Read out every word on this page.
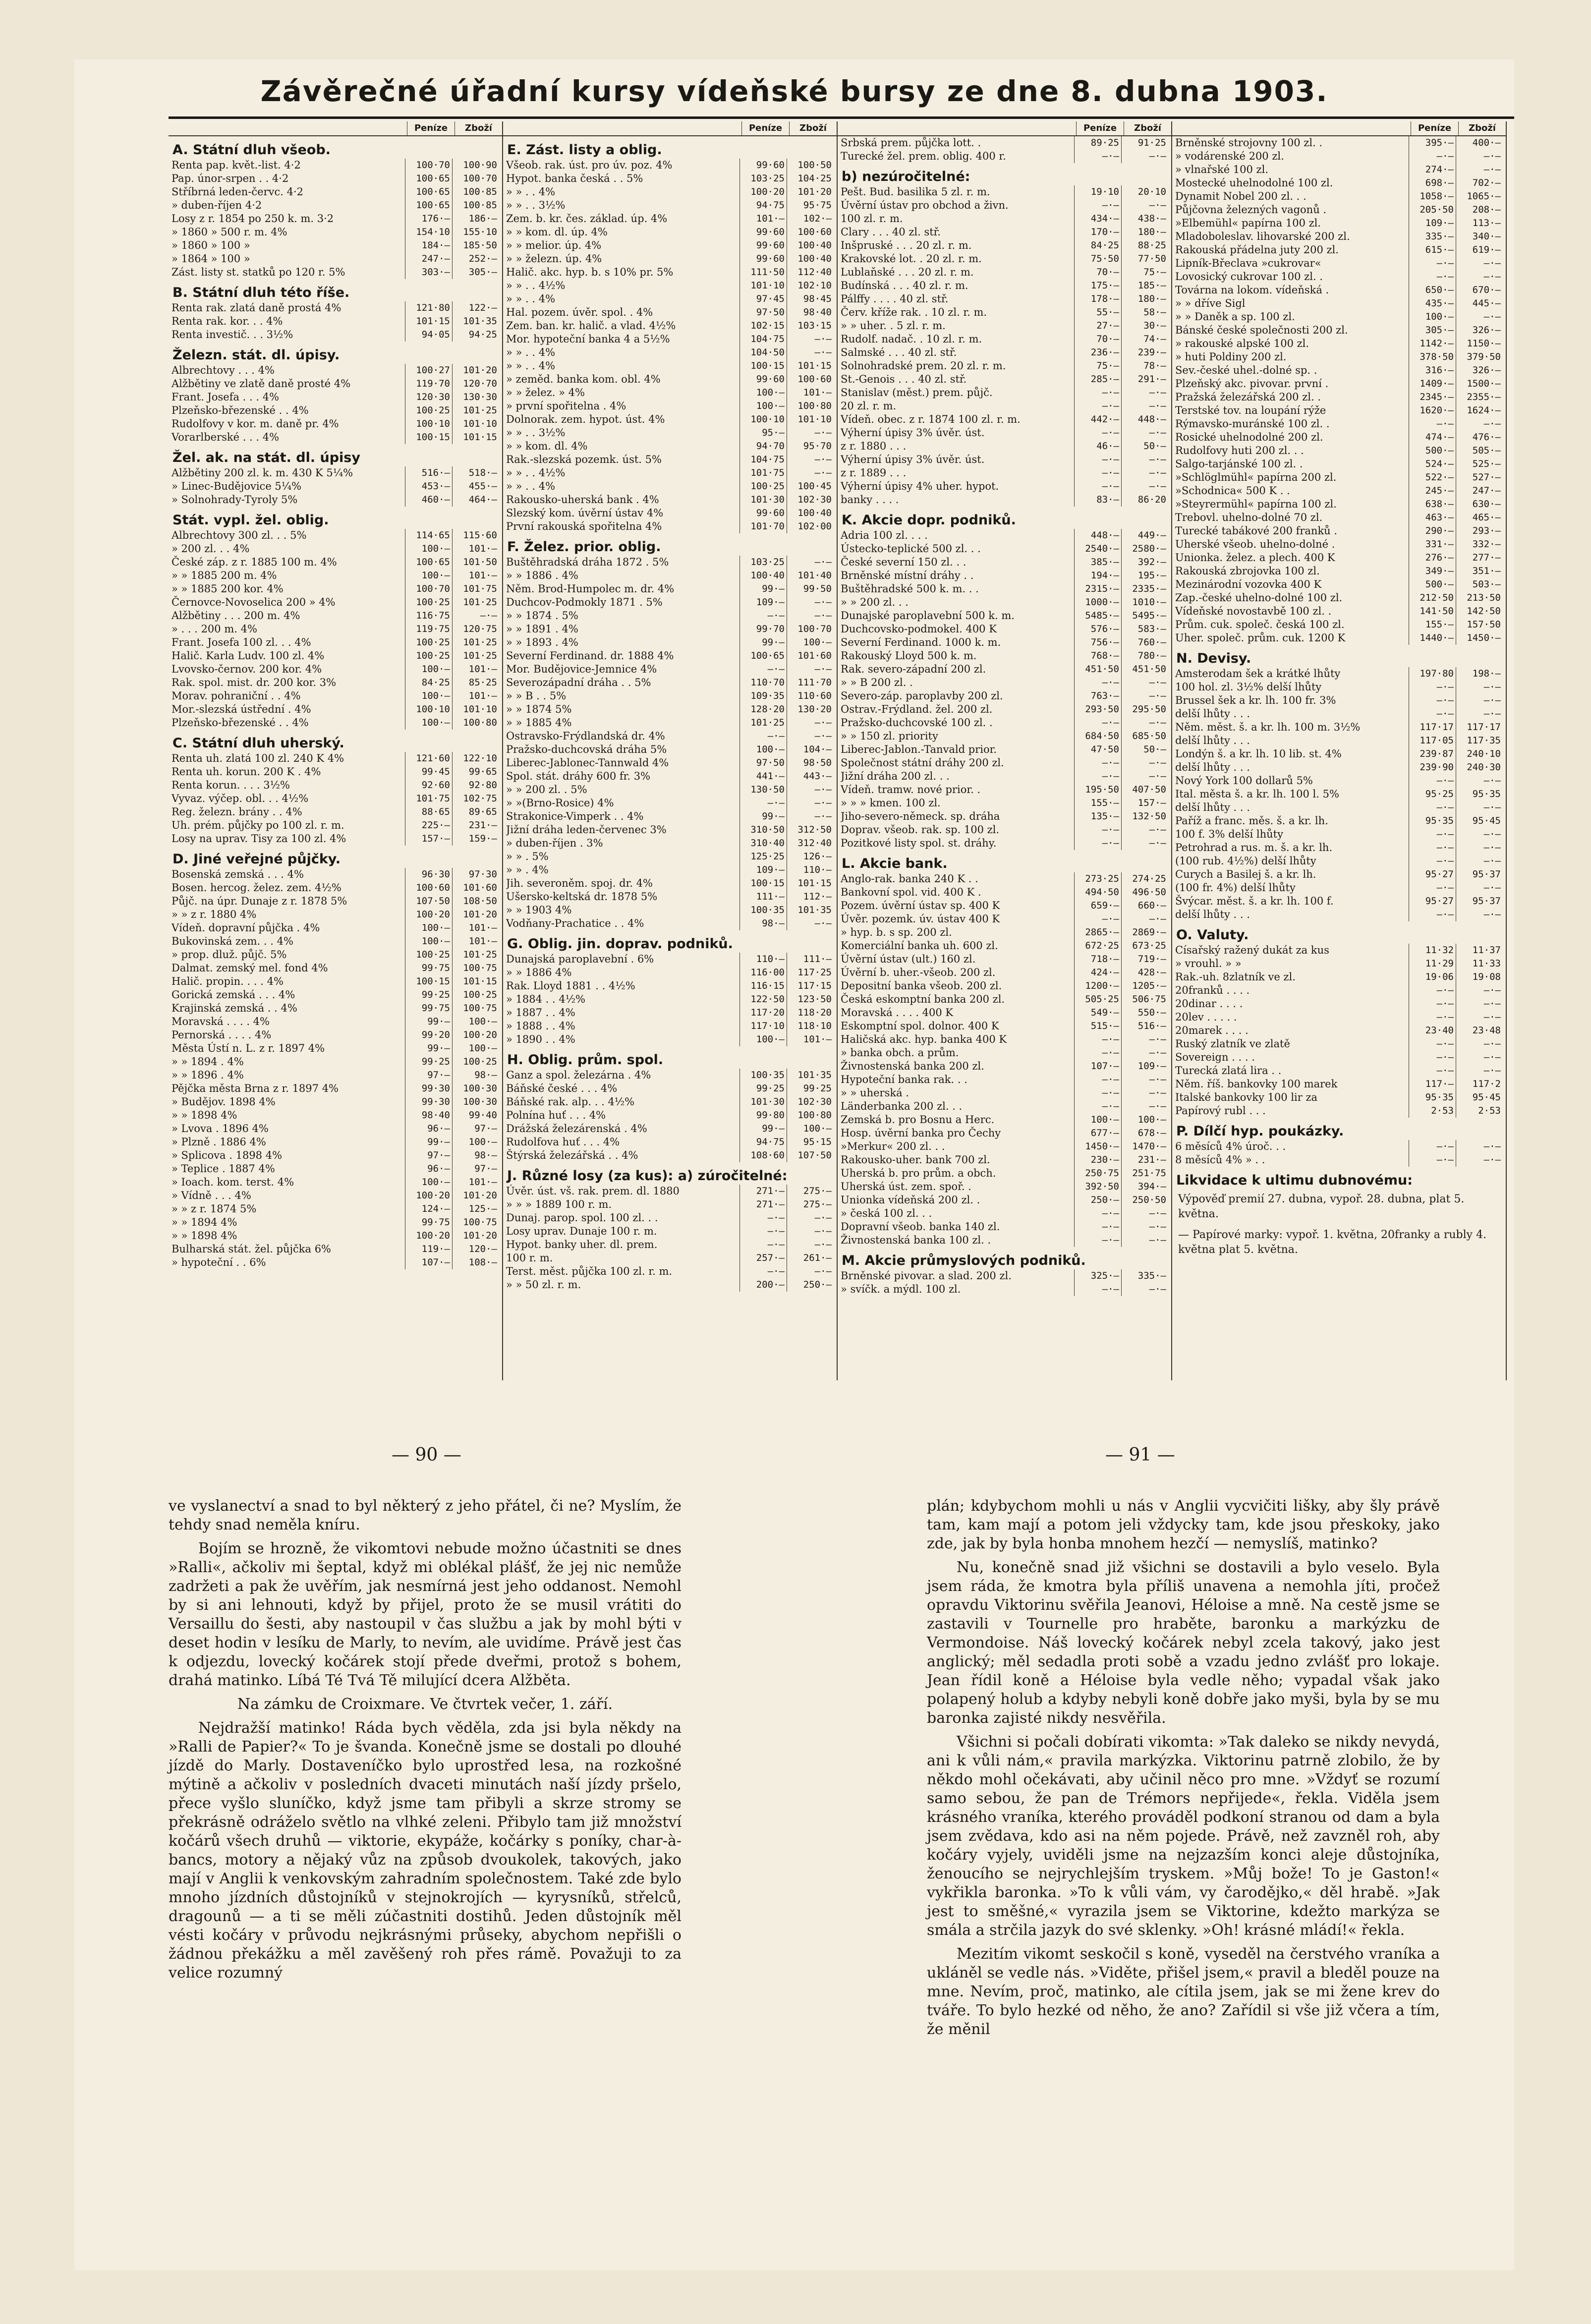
Závěrečné úřadní kursy vídeňské bursy ze dne 8. dubna 1903.
Peníze	Zboží
A. Státní dluh všeob.
Renta pap. květ.-list. 4·2	100·70	100·90
Pap. únor-srpen . . 4·2	100·65	100·70
Stříbrná leden-červc. 4·2	100·65	100·85
» duben-říjen 4·2	100·65	100·85
Losy z r. 1854 po 250 k. m. 3·2	176·—	186·—
» 1860 » 500 r. m. 4%	154·10	155·10
» 1860 » 100 »	184·—	185·50
» 1864 » 100 »	247·—	252·—
Zást. listy st. statků po 120 r. 5%	303·—	305·—
B. Státní dluh této říše.
Renta rak. zlatá daně prostá 4%	121·80	122·—
Renta rak. kor. . . 4%	101·15	101·35
Renta investič. . . 3½%	94·05	94·25
Železn. stát. dl. úpisy.
Albrechtovy . . . 4%	100·27	101·20
Alžbětiny ve zlatě daně prosté 4%	119·70	120·70
Frant. Josefa . . . 4%	120·30	130·30
Plzeňsko-březenské . . 4%	100·25	101·25
Rudolfovy v kor. m. daně pr. 4%	100·10	101·10
Vorarlberské . . . 4%	100·15	101·15
Žel. ak. na stát. dl. úpisy
Alžbětiny 200 zl. k. m. 430 K 5¼%	516·—	518·—
» Linec-Budějovice 5¼%	453·—	455·—
» Solnohrady-Tyroly 5%	460·—	464·—
Stát. vypl. žel. oblig.
Albrechtovy 300 zl. . . 5%	114·65	115·60
» 200 zl. . . 4%	100·—	101·—
České záp. z r. 1885 100 m. 4%	100·65	101·50
» » 1885 200 m. 4%	100·—	101·—
» » 1885 200 kor. 4%	100·70	101·75
Černovce-Novoselica 200 » 4%	100·25	101·25
Alžbětiny . . . 200 m. 4%	116·75	—·—
» . . . 200 m. 4%	119·75	120·75
Frant. Josefa 100 zl. . . 4%	100·25	101·25
Halič. Karla Ludv. 100 zl. 4%	100·25	101·25
Lvovsko-černov. 200 kor. 4%	100·—	101·—
Rak. spol. mist. dr. 200 kor. 3%	84·25	85·25
Morav. pohraniční . . 4%	100·—	101·—
Mor.-slezská ústřední . 4%	100·10	101·10
Plzeňsko-březenské . . 4%	100·—	100·80
C. Státní dluh uherský.
Renta uh. zlatá 100 zl. 240 K 4%	121·60	122·10
Renta uh. korun. 200 K . 4%	99·45	99·65
Renta korun. . . . 3½%	92·60	92·80
Vyvaz. výčep. obl. . . 4½%	101·75	102·75
Reg. železn. brány . . 4%	88·65	89·65
Uh. prém. půjčky po 100 zl. r. m.	225·—	231·—
Losy na uprav. Tisy za 100 zl. 4%	157·—	159·—
D. Jiné veřejné půjčky.
Bosenská zemská . . . 4%	96·30	97·30
Bosen. hercog. želez. zem. 4½%	100·60	101·60
Půjč. na úpr. Dunaje z r. 1878 5%	107·50	108·50
» » z r. 1880 4%	100·20	101·20
Vídeň. dopravní půjčka . 4%	100·—	101·—
Bukovinská zem. . . 4%	100·—	101·—
» prop. dluž. půjč. 5%	100·25	101·25
Dalmat. zemský mel. fond 4%	99·75	100·75
Halič. propin. . . . 4%	100·15	101·15
Gorická zemská . . . 4%	99·25	100·25
Krajinská zemská . . 4%	99·75	100·75
Moravská . . . . 4%	99·—	100·—
Pernorská . . . . 4%	99·20	100·20
Města Ústí n. L. z r. 1897 4%	99·—	100·—
» » 1894 . 4%	99·25	100·25
» » 1896 . 4%	97·—	98·—
Pějčka města Brna z r. 1897 4%	99·30	100·30
» Budějov. 1898 4%	99·30	100·30
» » 1898 4%	98·40	99·40
» Lvova . 1896 4%	96·—	97·—
» Plzně . 1886 4%	99·—	100·—
» Splicova . 1898 4%	97·—	98·—
» Teplice . 1887 4%	96·—	97·—
» Ioach. kom. terst. 4%	100·—	101·—
» Vídně . . . 4%	100·20	101·20
» » z r. 1874 5%	124·—	125·—
» » 1894 4%	99·75	100·75
» » 1898 4%	100·20	101·20
Bulharská stát. žel. půjčka 6%	119·—	120·—
» hypoteční . . 6%	107·—	108·—
Peníze	Zboží
E. Zást. listy a oblig.
Všeob. rak. úst. pro úv. poz. 4%	99·60	100·50
Hypot. banka česká . . 5%	103·25	104·25
» » . . 4%	100·20	101·20
» » . . 3½%	94·75	95·75
Zem. b. kr. čes. základ. úp. 4%	101·—	102·—
» » kom. dl. úp. 4%	99·60	100·60
» » melior. úp. 4%	99·60	100·40
» » železn. úp. 4%	99·60	100·40
Halič. akc. hyp. b. s 10% pr. 5%	111·50	112·40
» » . . 4½%	101·10	102·10
» » . . 4%	97·45	98·45
Hal. pozem. úvěr. spol. . 4%	97·50	98·40
Zem. ban. kr. halič. a vlad. 4½%	102·15	103·15
Mor. hypoteční banka 4 a 5½%	104·75	—·—
» » . . 4%	104·50	—·—
» » . . 4%	100·15	101·15
» zeměd. banka kom. obl. 4%	99·60	100·60
» » želez. » 4%	100·—	101·—
» první spořitelna . 4%	100·—	100·80
Dolnorak. zem. hypot. úst. 4%	100·10	101·10
» » . . 3½%	95·—	—·—
» » kom. dl. 4%	94·70	95·70
Rak.-slezská pozemk. úst. 5%	104·75	—·—
» » . . 4½%	101·75	—·—
» » . . 4%	100·25	100·45
Rakousko-uherská bank . 4%	101·30	102·30
Slezský kom. úvěrní ústav 4%	99·60	100·40
První rakouská spořitelna 4%	101·70	102·00
F. Želez. prior. oblig.
Buštěhradská dráha 1872 . 5%	103·25	—·—
» » 1886 . 4%	100·40	101·40
Něm. Brod-Humpolec m. dr. 4%	99·—	99·50
Duchcov-Podmokly 1871 . 5%	109·—	—·—
» » 1874 . 5%	—·—	—·—
» » 1891 . 4%	99·70	100·70
» » 1893 . 4%	99·—	100·—
Severní Ferdinand. dr. 1888 4%	100·65	101·60
Mor. Budějovice-Jemnice 4%	—·—	—·—
Severozápadní dráha . . 5%	110·70	111·70
» » B . . 5%	109·35	110·60
» » 1874 5%	128·20	130·20
» » 1885 4%	101·25	—·—
Ostravsko-Frýdlandská dr. 4%	—·—	—·—
Pražsko-duchcovská dráha 5%	100·—	104·—
Liberec-Jablonec-Tannwald 4%	97·50	98·50
Spol. stát. dráhy 600 fr. 3%	441·—	443·—
» » 200 zl. . 5%	130·50	—·—
» »(Brno-Rosice) 4%	—·—	—·—
Strakonice-Vimperk . . 4%	99·—	—·—
Jižní dráha leden-červenec 3%	310·50	312·50
» duben-říjen . 3%	310·40	312·40
» » . 5%	125·25	126·—
» » . 4%	109·—	110·—
Jih. severoněm. spoj. dr. 4%	100·15	101·15
Ušersko-keltská dr. 1878 5%	111·—	112·—
» » 1903 4%	100·35	101·35
Vodňany-Prachatice . . 4%	98·—	—·—
G. Oblig. jin. doprav. podniků.
Dunajská paroplavební . 6%	110·—	111·—
» » 1886 4%	116·00	117·25
Rak. Lloyd 1881 . . 4½%	116·15	117·15
» 1884 . . 4½%	122·50	123·50
» 1887 . . 4%	117·20	118·20
» 1888 . . 4%	117·10	118·10
» 1890 . . 4%	100·—	101·—
H. Oblig. prům. spol.
Ganz a spol. železárna . 4%	100·35	101·35
Báňské české . . . 4%	99·25	99·25
Báňské rak. alp. . . 4½%	101·30	102·30
Polnína huť . . . 4%	99·80	100·80
Drážská železárenská . 4%	99·—	100·—
Rudolfova huť . . . 4%	94·75	95·15
Štýrská železářská . . 4%	108·60	107·50
J. Různé losy (za kus): a) zúročitelné:
Úvěr. úst. vš. rak. prem. dl. 1880	271·—	275·—
» » » 1889 100 r. m.	271·—	275·—
Dunaj. parop. spol. 100 zl. . .	—·—	—·—
Losy uprav. Dunaje 100 r. m.	—·—	—·—
Hypot. banky uher. dl. prem.	—·—	—·—
100 r. m.	257·—	261·—
Terst. měst. půjčka 100 zl. r. m.	—·—	—·—
» » 50 zl. r. m.	200·—	250·—
Peníze	Zboží
Srbská prem. půjčka lott. .	89·25	91·25
Turecké žel. prem. oblig. 400 r.	—·—	—·—
b) nezúročitelné:
Pešt. Bud. basilika 5 zl. r. m.	19·10	20·10
Úvěrní ústav pro obchod a živn.	—·—	—·—
100 zl. r. m.	434·—	438·—
Clary . . . 40 zl. stř.	170·—	180·—
Inšpruské . . . 20 zl. r. m.	84·25	88·25
Krakovské lot. . 20 zl. r. m.	75·50	77·50
Lublaňské . . . 20 zl. r. m.	70·—	75·—
Budínská . . . 40 zl. r. m.	175·—	185·—
Pálffy . . . . 40 zl. stř.	178·—	180·—
Červ. kříže rak. . 10 zl. r. m.	55·—	58·—
» » uher. . 5 zl. r. m.	27·—	30·—
Rudolf. nadač. . 10 zl. r. m.	70·—	74·—
Salmské . . . 40 zl. stř.	236·—	239·—
Solnohradské prem. 20 zl. r. m.	75·—	78·—
St.-Genois . . . 40 zl. stř.	285·—	291·—
Stanislav (měst.) prem. půjč.	—·—	—·—
20 zl. r. m.	—·—	—·—
Vídeň. obec. z r. 1874 100 zl. r. m.	442·—	448·—
Výherní úpisy 3% úvěr. úst.	—·—	—·—
z r. 1880 . . .	46·—	50·—
Výherní úpisy 3% úvěr. úst.	—·—	—·—
z r. 1889 . . .	—·—	—·—
Výherní úpisy 4% uher. hypot.	—·—	—·—
banky . . . .	83·—	86·20
K. Akcie dopr. podniků.
Adria 100 zl. . . .	448·—	449·—
Ústecko-teplické 500 zl. . .	2540·—	2580·—
České severní 150 zl. . .	385·—	392·—
Brněnské místní dráhy . .	194·—	195·—
Buštěhradské 500 k. m. . .	2315·—	2335·—
» » 200 zl. . .	1000·—	1010·—
Dunajské paroplavební 500 k. m.	5485·—	5495·—
Duchcovsko-podmokel. 400 K	576·—	583·—
Severní Ferdinand. 1000 k. m.	756·—	760·—
Rakouský Lloyd 500 k. m.	768·—	780·—
Rak. severo-západní 200 zl.	451·50	451·50
» » B 200 zl. .	—·—	—·—
Severo-záp. paroplavby 200 zl.	763·—	—·—
Ostrav.-Frýdland. žel. 200 zl.	293·50	295·50
Pražsko-duchcovské 100 zl. .	—·—	—·—
» » 150 zl. priority	684·50	685·50
Liberec-Jablon.-Tanvald prior.	47·50	50·—
Společnost státní dráhy 200 zl.	—·—	—·—
Jižní dráha 200 zl. . .	—·—	—·—
Vídeň. tramw. nové prior. .	195·50	407·50
» » » kmen. 100 zl.	155·—	157·—
Jiho-severo-německ. sp. dráha	135·—	132·50
Doprav. všeob. rak. sp. 100 zl.	—·—	—·—
Pozitkové listy spol. st. dráhy.	—·—	—·—
L. Akcie bank.
Anglo-rak. banka 240 K . .	273·25	274·25
Bankovní spol. vid. 400 K .	494·50	496·50
Pozem. úvěrní ústav sp. 400 K	659·—	660·—
Úvěr. pozemk. úv. ústav 400 K	—·—	—·—
» hyp. b. s sp. 200 zl.	2865·—	2869·—
Komerciální banka uh. 600 zl.	672·25	673·25
Úvěrní ústav (ult.) 160 zl.	718·—	719·—
Úvěrní b. uher.-všeob. 200 zl.	424·—	428·—
Depositní banka všeob. 200 zl.	1200·—	1205·—
Česká eskomptní banka 200 zl.	505·25	506·75
Moravská . . . . 400 K	549·—	550·—
Eskomptní spol. dolnor. 400 K	515·—	516·—
Haličská akc. hyp. banka 400 K	—·—	—·—
» banka obch. a prům.	—·—	—·—
Živnostenská banka 200 zl.	107·—	109·—
Hypoteční banka rak. . .	—·—	—·—
» » uherská .	—·—	—·—
Länderbanka 200 zl. . .	—·—	—·—
Zemská b. pro Bosnu a Herc.	100·—	100·—
Hosp. úvěrní banka pro Čechy	677·—	678·—
»Merkur« 200 zl. . .	1450·—	1470·—
Rakousko-uher. bank 700 zl.	230·—	231·—
Uherská b. pro prům. a obch.	250·75	251·75
Uherská úst. zem. spoř. .	392·50	394·—
Unionka vídeňská 200 zl. .	250·—	250·50
» česká 100 zl. . .	—·—	—·—
Dopravní všeob. banka 140 zl.	—·—	—·—
Živnostenská banka 100 zl. .	—·—	—·—
M. Akcie průmyslových podniků.
Brněnské pivovar. a slad. 200 zl.	325·—	335·—
» svíčk. a mýdl. 100 zl.	—·—	—·—
Peníze	Zboží
Brněnské strojovny 100 zl. .	395·—	400·—
» vodárenské 200 zl.	—·—	—·—
» vlnařské 100 zl.	274·—	—·—
Mostecké uhelnodolné 100 zl.	698·—	702·—
Dynamit Nobel 200 zl. . .	1058·—	1065·—
Půjčovna železných vagonů .	205·50	208·—
»Elbemühl« papírna 100 zl.	109·—	113·—
Mladoboleslav. lihovarské 200 zl.	335·—	340·—
Rakouská přádelna juty 200 zl.	615·—	619·—
Lipník-Břeclava »cukrovar«	—·—	—·—
Lovosický cukrovar 100 zl. .	—·—	—·—
Továrna na lokom. vídeňská .	650·—	670·—
» » dříve Sigl	435·—	445·—
» » Daněk a sp. 100 zl.	100·—	—·—
Bánské české společnosti 200 zl.	305·—	326·—
» rakouské alpské 100 zl.	1142·—	1150·—
» huti Poldiny 200 zl.	378·50	379·50
Sev.-české uhel.-dolné sp. .	316·—	326·—
Plzeňský akc. pivovar. první .	1409·—	1500·—
Pražská železářská 200 zl. .	2345·—	2355·—
Terstské tov. na loupání rýže	1620·—	1624·—
Rýmavsko-muránské 100 zl. .	—·—	—·—
Rosické uhelnodolné 200 zl.	474·—	476·—
Rudolfovy huti 200 zl. . .	500·—	505·—
Salgo-tarjánské 100 zl. .	524·—	525·—
»Schlöglmühl« papírna 200 zl.	522·—	527·—
»Schodnica« 500 K . .	245·—	247·—
»Steyrermühl« papírna 100 zl.	638·—	630·—
Trebovl. uhelno-dolné 70 zl.	463·—	465·—
Turecké tabákové 200 franků .	290·—	293·—
Uherské všeob. uhelno-dolné .	331·—	332·—
Unionka. želez. a plech. 400 K	276·—	277·—
Rakouská zbrojovka 100 zl.	349·—	351·—
Mezinárodní vozovka 400 K	500·—	503·—
Zap.-české uhelno-dolné 100 zl.	212·50	213·50
Vídeňské novostavbě 100 zl. .	141·50	142·50
Prům. cuk. společ. česká 100 zl.	155·—	157·50
Uher. společ. prům. cuk. 1200 K	1440·—	1450·—
N. Devisy.
Amsterodam šek a krátké lhůty	197·80	198·—
100 hol. zl. 3½% delší lhůty	—·—	—·—
Brussel šek a kr. lh. 100 fr. 3%	—·—	—·—
delší lhůty . . .	—·—	—·—
Něm. měst. š. a kr. lh. 100 m. 3½%	117·17	117·17
delší lhůty . . .	117·05	117·35
Londýn š. a kr. lh. 10 lib. st. 4%	239·87	240·10
delší lhůty . . .	239·90	240·30
Nový York 100 dollarů 5%	—·—	—·—
Ital. města š. a kr. lh. 100 l. 5%	95·25	95·35
delší lhůty . . .	—·—	—·—
Paříž a franc. měs. š. a kr. lh.	95·35	95·45
100 f. 3% delší lhůty	—·—	—·—
Petrohrad a rus. m. š. a kr. lh.	—·—	—·—
(100 rub. 4½%) delší lhůty	—·—	—·—
Curych a Basilej š. a kr. lh.	95·27	95·37
(100 fr. 4%) delší lhůty	—·—	—·—
Švýcar. měst. š. a kr. lh. 100 f.	95·27	95·37
delší lhůty . . .	—·—	—·—
O. Valuty.
Císařský ražený dukát za kus	11·32	11·37
» vrouhl. » »	11·29	11·33
Rak.-uh. 8zlatník ve zl.	19·06	19·08
20franků . . . .	—·—	—·—
20dinar . . . .	—·—	—·—
20lev . . . . .	—·—	—·—
20marek . . . .	23·40	23·48
Ruský zlatník ve zlatě	—·—	—·—
Sovereign . . . .	—·—	—·—
Turecká zlatá lira . .	—·—	—·—
Něm. říš. bankovky 100 marek	117·—	117·2
Italské bankovky 100 lir za	95·35	95·45
Papírový rubl . . .	2·53	2·53
P. Dílčí hyp. poukázky.
6 měsíců 4% úroč. . .	—·—	—·—
8 měsíců 4% » . .	—·—	—·—
Likvidace k ultimu dubnovému:
Výpověď premií 27. dubna, vypoř. 28. dubna, plat 5. května.
— Papírové marky: vypoř. 1. května, 20franky a rubly 4. května plat 5. května.
— 90 —	— 91 —

ve vyslanectví a snad to byl některý z jeho přátel, či ne? Myslím, že tehdy snad neměla kníru.

Bojím se hrozně, že vikomtovi nebude možno účastniti se dnes »Ralli«, ačkoliv mi šeptal, když mi oblékal plášť, že jej nic nemůže zadržeti a pak že uvěřím, jak nesmírná jest jeho oddanost. Nemohl by si ani lehnouti, když by přijel, proto že se musil vrátiti do Versaillu do šesti, aby nastoupil v čas službu a jak by mohl býti v deset hodin v lesíku de Marly, to nevím, ale uvidíme. Právě jest čas k odjezdu, lovecký kočárek stojí přede dveřmi, protož s bohem, drahá matinko. Líbá Té Tvá Tě milující dcera Alžběta.

Na zámku de Croixmare. Ve čtvrtek večer, 1. září.

Nejdražší matinko! Ráda bych věděla, zda jsi byla někdy na »Ralli de Papier?« To je švanda. Konečně jsme se dostali po dlouhé jízdě do Marly. Dostaveníčko bylo uprostřed lesa, na rozkošné mýtině a ačkoliv v posledních dvaceti minutách naší jízdy pršelo, přece vyšlo sluníčko, když jsme tam přibyli a skrze stromy se překrásně odráželo světlo na vlhké zeleni. Přibylo tam již množství kočárů všech druhů — viktorie, ekypáže, kočárky s poníky, char-à-bancs, motory a nějaký vůz na způsob dvoukolek, takových, jako mají v Anglii k venkovským zahradním společnostem. Také zde bylo mnoho jízdních důstojníků v stejnokrojích — kyrysníků, střelců, dragounů — a ti se měli zúčastniti dostihů. Jeden důstojník měl vésti kočáry v průvodu nejkrásnými průseky, abychom nepřišli o žádnou překážku a měl zavěšený roh přes rámě. Považuji to za velice rozumný

plán; kdybychom mohli u nás v Anglii vycvičiti lišky, aby šly právě tam, kam mají a potom jeli vždycky tam, kde jsou přeskoky, jako zde, jak by byla honba mnohem hezčí — nemyslíš, matinko?

Nu, konečně snad již všichni se dostavili a bylo veselo. Byla jsem ráda, že kmotra byla příliš unavena a nemohla jíti, pročež opravdu Viktorinu svěřila Jeanovi, Héloise a mně. Na cestě jsme se zastavili v Tournelle pro hraběte, baronku a markýzku de Vermondoise. Náš lovecký kočárek nebyl zcela takový, jako jest anglický; měl sedadla proti sobě a vzadu jedno zvlášť pro lokaje. Jean řídil koně a Héloise byla vedle něho; vypadal však jako polapený holub a kdyby nebyli koně dobře jako myši, byla by se mu baronka zajisté nikdy nesvěřila.

Všichni si počali dobírati vikomta: »Tak daleko se nikdy nevydá, ani k vůli nám,« pravila markýzka. Viktorinu patrně zlobilo, že by někdo mohl očekávati, aby učinil něco pro mne. »Vždyť se rozumí samo sebou, že pan de Trémors nepřijede«, řekla. Viděla jsem krásného vraníka, kterého prováděl podkoní stranou od dam a byla jsem zvědava, kdo asi na něm pojede. Právě, než zavzněl roh, aby kočáry vyjely, uviděli jsme na nejzazším konci aleje důstojníka, ženoucího se nejrychlejším tryskem. »Můj bože! To je Gaston!« vykřikla baronka. »To k vůli vám, vy čarodějko,« děl hrabě. »Jak jest to směšné,« vyrazila jsem se Viktorine, kdežto markýza se smála a strčila jazyk do své sklenky. »Oh! krásné mládí!« řekla.

Mezitím vikomt seskočil s koně, vyseděl na čerstvého vraníka a ukláněl se vedle nás. »Viděte, přišel jsem,« pravil a bleděl pouze na mne. Nevím, proč, matinko, ale cítila jsem, jak se mi žene krev do tváře. To bylo hezké od něho, že ano? Zařídil si vše již včera a tím, že měnil
